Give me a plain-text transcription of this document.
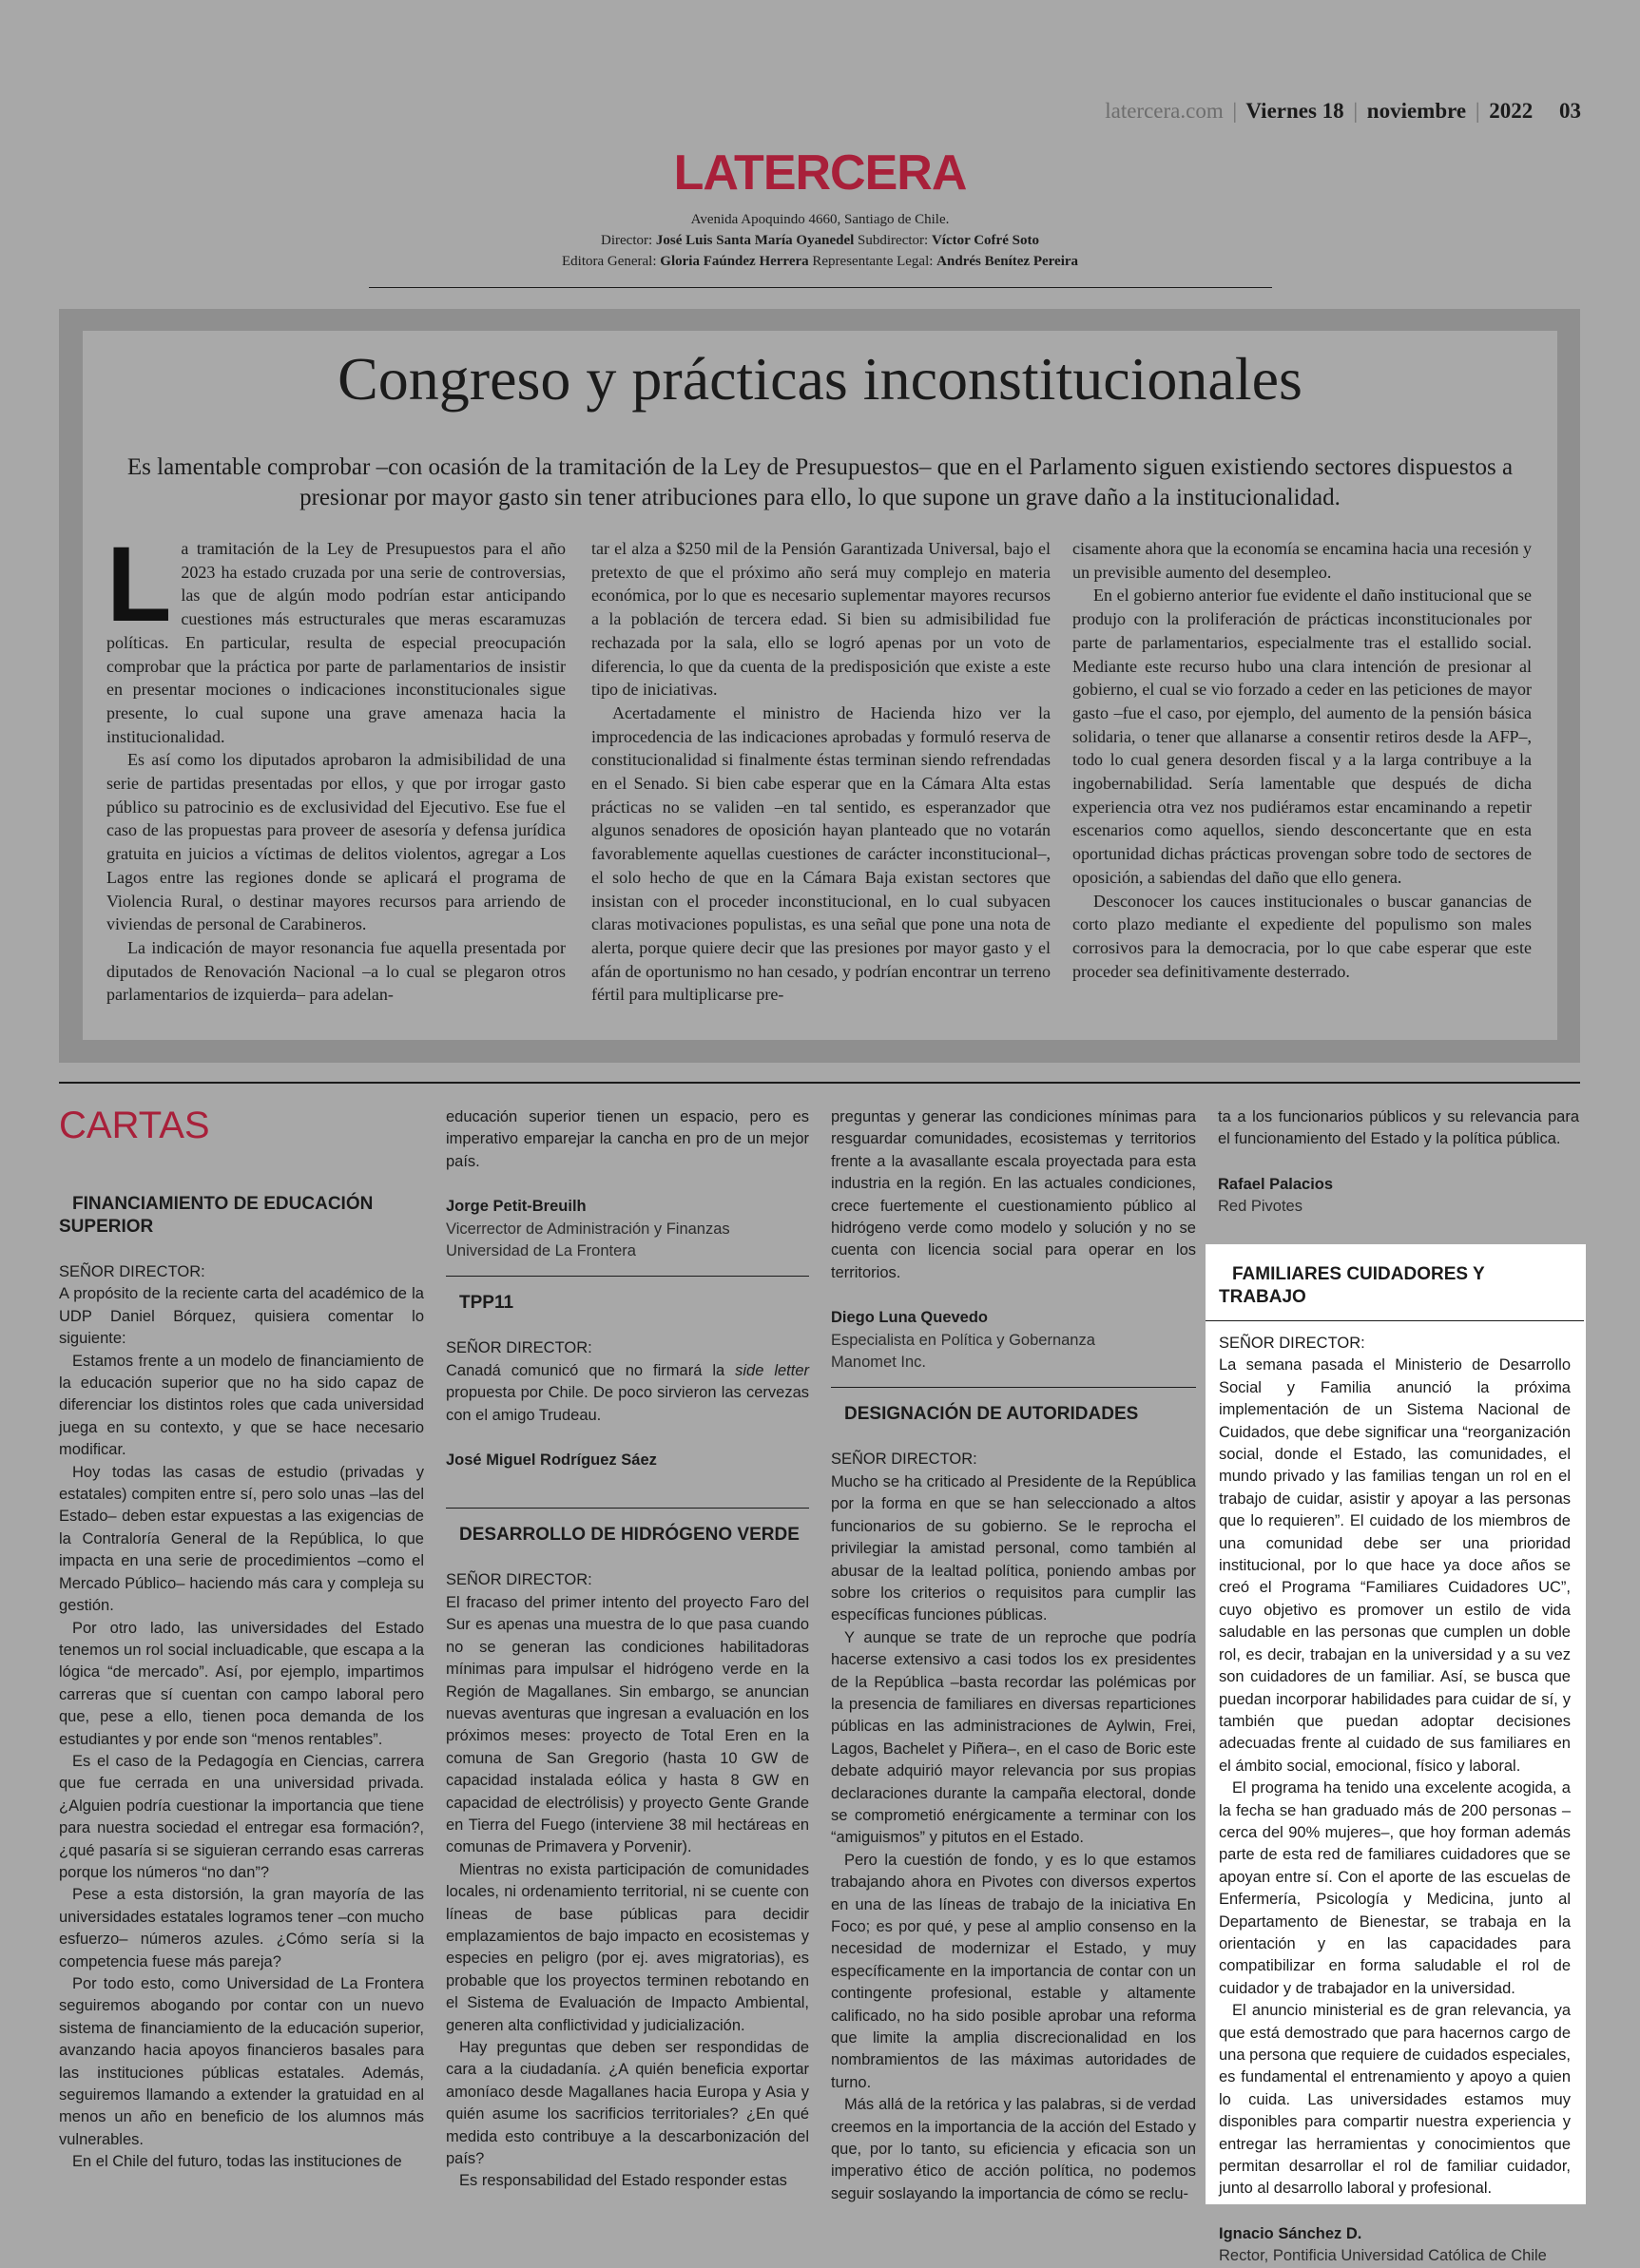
latercera.com | Viernes 18 | noviembre | 2022 03
LATERCERA
Avenida Apoquindo 4660, Santiago de Chile.
Director: José Luis Santa María Oyanedel Subdirector: Víctor Cofré Soto
Editora General: Gloria Faúndez Herrera Representante Legal: Andrés Benítez Pereira
Congreso y prácticas inconstitucionales
Es lamentable comprobar –con ocasión de la tramitación de la Ley de Presupuestos– que en el Parlamento siguen existiendo sectores dispuestos a presionar por mayor gasto sin tener atribuciones para ello, lo que supone un grave daño a la institucionalidad.
L a tramitación de la Ley de Presupuestos para el año 2023 ha estado cruzada por una serie de controversias, las que de algún modo podrían estar anticipando cuestiones más estructurales que meras escaramuzas políticas. En particular, resulta de especial preocupación comprobar que la práctica por parte de parlamentarios de insistir en presentar mociones o indicaciones inconstitucionales sigue presente, lo cual supone una grave amenaza hacia la institucionalidad.

Es así como los diputados aprobaron la admisibilidad de una serie de partidas presentadas por ellos, y que por irrogar gasto público su patrocinio es de exclusividad del Ejecutivo. Ese fue el caso de las propuestas para proveer de asesoría y defensa jurídica gratuita en juicios a víctimas de delitos violentos, agregar a Los Lagos entre las regiones donde se aplicará el programa de Violencia Rural, o destinar mayores recursos para arriendo de viviendas de personal de Carabineros.

La indicación de mayor resonancia fue aquella presentada por diputados de Renovación Nacional –a lo cual se plegaron otros parlamentarios de izquierda– para adelan-

tar el alza a $250 mil de la Pensión Garantizada Universal, bajo el pretexto de que el próximo año será muy complejo en materia económica, por lo que es necesario suplementar mayores recursos a la población de tercera edad. Si bien su admisibilidad fue rechazada por la sala, ello se logró apenas por un voto de diferencia, lo que da cuenta de la predisposición que existe a este tipo de iniciativas.

Acertadamente el ministro de Hacienda hizo ver la improcedencia de las indicaciones aprobadas y formuló reserva de constitucionalidad si finalmente éstas terminan siendo refrendadas en el Senado. Si bien cabe esperar que en la Cámara Alta estas prácticas no se validen –en tal sentido, es esperanzador que algunos senadores de oposición hayan planteado que no votarán favorablemente aquellas cuestiones de carácter inconstitucional–, el solo hecho de que en la Cámara Baja existan sectores que insistan con el proceder inconstitucional, en lo cual subyacen claras motivaciones populistas, es una señal que pone una nota de alerta, porque quiere decir que las presiones por mayor gasto y el afán de oportunismo no han cesado, y podrían encontrar un terreno fértil para multiplicarse pre-

cisamente ahora que la economía se encamina hacia una recesión y un previsible aumento del desempleo.

En el gobierno anterior fue evidente el daño institucional que se produjo con la proliferación de prácticas inconstitucionales por parte de parlamentarios, especialmente tras el estallido social. Mediante este recurso hubo una clara intención de presionar al gobierno, el cual se vio forzado a ceder en las peticiones de mayor gasto –fue el caso, por ejemplo, del aumento de la pensión básica solidaria, o tener que allanarse a consentir retiros desde la AFP–, todo lo cual genera desorden fiscal y a la larga contribuye a la ingobernabilidad. Sería lamentable que después de dicha experiencia otra vez nos pudiéramos estar encaminando a repetir escenarios como aquellos, siendo desconcertante que en esta oportunidad dichas prácticas provengan sobre todo de sectores de oposición, a sabiendas del daño que ello genera.

Desconocer los cauces institucionales o buscar ganancias de corto plazo mediante el expediente del populismo son males corrosivos para la democracia, por lo que cabe esperar que este proceder sea definitivamente desterrado.

CARTAS

FINANCIAMIENTO DE EDUCACIÓN SUPERIOR

SEÑOR DIRECTOR:

A propósito de la reciente carta del académico de la UDP Daniel Bórquez, quisiera comentar lo siguiente:

Estamos frente a un modelo de financiamiento de la educación superior que no ha sido capaz de diferenciar los distintos roles que cada universidad juega en su contexto, y que se hace necesario modificar.

Hoy todas las casas de estudio (privadas y estatales) compiten entre sí, pero solo unas –las del Estado– deben estar expuestas a las exigencias de la Contraloría General de la República, lo que impacta en una serie de procedimientos –como el Mercado Público– haciendo más cara y compleja su gestión.

Por otro lado, las universidades del Estado tenemos un rol social incluadicable, que escapa a la lógica “de mercado”. Así, por ejemplo, impartimos carreras que sí cuentan con campo laboral pero que, pese a ello, tienen poca demanda de los estudiantes y por ende son “menos rentables”.

Es el caso de la Pedagogía en Ciencias, carrera que fue cerrada en una universidad privada. ¿Alguien podría cuestionar la importancia que tiene para nuestra sociedad el entregar esa formación?, ¿qué pasaría si se siguieran cerrando esas carreras porque los números “no dan”?

Pese a esta distorsión, la gran mayoría de las universidades estatales logramos tener –con mucho esfuerzo– números azules. ¿Cómo sería si la competencia fuese más pareja?

Por todo esto, como Universidad de La Frontera seguiremos abogando por contar con un nuevo sistema de financiamiento de la educación superior, avanzando hacia apoyos financieros basales para las instituciones públicas estatales. Además, seguiremos llamando a extender la gratuidad en al menos un año en beneficio de los alumnos más vulnerables.

En el Chile del futuro, todas las instituciones de

educación superior tienen un espacio, pero es imperativo emparejar la cancha en pro de un mejor país.

Jorge Petit-Breuilh

Vicerrector de Administración y Finanzas

Universidad de La Frontera

TPP11

SEÑOR DIRECTOR:

Canadá comunicó que no firmará la side letter propuesta por Chile. De poco sirvieron las cervezas con el amigo Trudeau.

José Miguel Rodríguez Sáez

DESARROLLO DE HIDRÓGENO VERDE

SEÑOR DIRECTOR:

El fracaso del primer intento del proyecto Faro del Sur es apenas una muestra de lo que pasa cuando no se generan las condiciones habilitadoras mínimas para impulsar el hidrógeno verde en la Región de Magallanes. Sin embargo, se anuncian nuevas aventuras que ingresan a evaluación en los próximos meses: proyecto de Total Eren en la comuna de San Gregorio (hasta 10 GW de capacidad instalada eólica y hasta 8 GW en capacidad de electrólisis) y proyecto Gente Grande en Tierra del Fuego (interviene 38 mil hectáreas en comunas de Primavera y Porvenir).

Mientras no exista participación de comunidades locales, ni ordenamiento territorial, ni se cuente con líneas de base públicas para decidir emplazamientos de bajo impacto en ecosistemas y especies en peligro (por ej. aves migratorias), es probable que los proyectos terminen rebotando en el Sistema de Evaluación de Impacto Ambiental, generen alta conflictividad y judicialización.

Hay preguntas que deben ser respondidas de cara a la ciudadanía. ¿A quién beneficia exportar amoníaco desde Magallanes hacia Europa y Asia y quién asume los sacrificios territoriales? ¿En qué medida esto contribuye a la descarbonización del país?

Es responsabilidad del Estado responder estas

preguntas y generar las condiciones mínimas para resguardar comunidades, ecosistemas y territorios frente a la avasallante escala proyectada para esta industria en la región. En las actuales condiciones, crece fuertemente el cuestionamiento público al hidrógeno verde como modelo y solución y no se cuenta con licencia social para operar en los territorios.

Diego Luna Quevedo

Especialista en Política y Gobernanza

Manomet Inc.

DESIGNACIÓN DE AUTORIDADES

SEÑOR DIRECTOR:

Mucho se ha criticado al Presidente de la República por la forma en que se han seleccionado a altos funcionarios de su gobierno. Se le reprocha el privilegiar la amistad personal, como también al abusar de la lealtad política, poniendo ambas por sobre los criterios o requisitos para cumplir las específicas funciones públicas.

Y aunque se trate de un reproche que podría hacerse extensivo a casi todos los ex presidentes de la República –basta recordar las polémicas por la presencia de familiares en diversas reparticiones públicas en las administraciones de Aylwin, Frei, Lagos, Bachelet y Piñera–, en el caso de Boric este debate adquirió mayor relevancia por sus propias declaraciones durante la campaña electoral, donde se comprometió enérgicamente a terminar con los “amiguismos” y pitutos en el Estado.

Pero la cuestión de fondo, y es lo que estamos trabajando ahora en Pivotes con diversos expertos en una de las líneas de trabajo de la iniciativa En Foco; es por qué, y pese al amplio consenso en la necesidad de modernizar el Estado, y muy específicamente en la importancia de contar con un contingente profesional, estable y altamente calificado, no ha sido posible aprobar una reforma que limite la amplia discrecionalidad en los nombramientos de las máximas autoridades de turno.

Más allá de la retórica y las palabras, si de verdad creemos en la importancia de la acción del Estado y que, por lo tanto, su eficiencia y eficacia son un imperativo ético de acción política, no podemos seguir soslayando la importancia de cómo se reclu-

ta a los funcionarios públicos y su relevancia para el funcionamiento del Estado y la política pública.

Rafael Palacios

Red Pivotes

FAMILIARES CUIDADORES Y TRABAJO

SEÑOR DIRECTOR:

La semana pasada el Ministerio de Desarrollo Social y Familia anunció la próxima implementación de un Sistema Nacional de Cuidados, que debe significar una “reorganización social, donde el Estado, las comunidades, el mundo privado y las familias tengan un rol en el trabajo de cuidar, asistir y apoyar a las personas que lo requieren”. El cuidado de los miembros de una comunidad debe ser una prioridad institucional, por lo que hace ya doce años se creó el Programa “Familiares Cuidadores UC”, cuyo objetivo es promover un estilo de vida saludable en las personas que cumplen un doble rol, es decir, trabajan en la universidad y a su vez son cuidadores de un familiar. Así, se busca que puedan incorporar habilidades para cuidar de sí, y también que puedan adoptar decisiones adecuadas frente al cuidado de sus familiares en el ámbito social, emocional, físico y laboral.

El programa ha tenido una excelente acogida, a la fecha se han graduado más de 200 personas –cerca del 90% mujeres–, que hoy forman además parte de esta red de familiares cuidadores que se apoyan entre sí. Con el aporte de las escuelas de Enfermería, Psicología y Medicina, junto al Departamento de Bienestar, se trabaja en la orientación y en las capacidades para compatibilizar en forma saludable el rol de cuidador y de trabajador en la universidad.

El anuncio ministerial es de gran relevancia, ya que está demostrado que para hacernos cargo de una persona que requiere de cuidados especiales, es fundamental el entrenamiento y apoyo a quien lo cuida. Las universidades estamos muy disponibles para compartir nuestra experiencia y entregar las herramientas y conocimientos que permitan desarrollar el rol de familiar cuidador, junto al desarrollo laboral y profesional.

Ignacio Sánchez D.

Rector, Pontificia Universidad Católica de Chile
